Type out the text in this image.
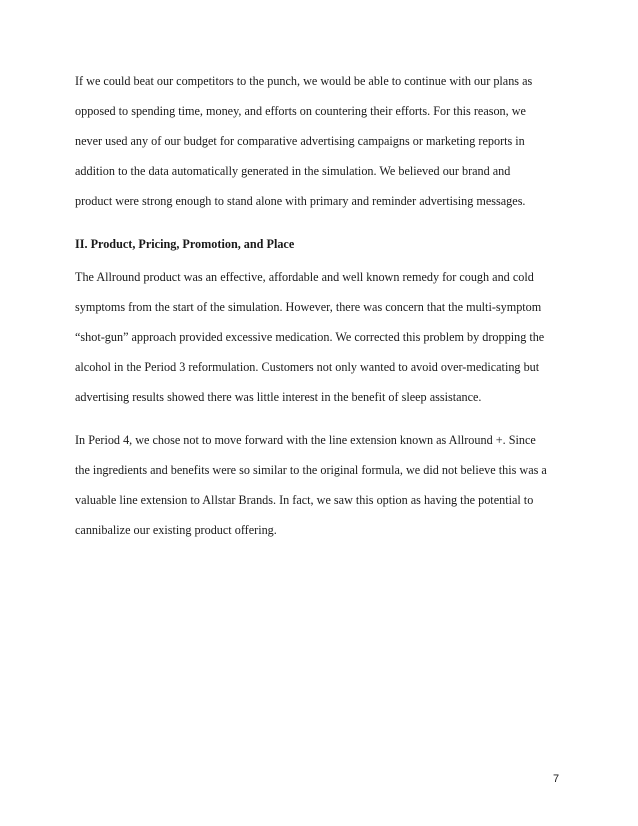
If we could beat our competitors to the punch, we would be able to continue with our plans as
opposed to spending time, money, and efforts on countering their efforts. For this reason, we
never used any of our budget for comparative advertising campaigns or marketing reports in
addition to the data automatically generated in the simulation. We believed our brand and
product were strong enough to stand alone with primary and reminder advertising messages.

II. Product, Pricing, Promotion, and Place

The Allround product was an effective, affordable and well known remedy for cough and cold
symptoms from the start of the simulation. However, there was concern that the multi-symptom
“shot-gun” approach provided excessive medication. We corrected this problem by dropping the
alcohol in the Period 3 reformulation. Customers not only wanted to avoid over-medicating but
advertising results showed there was little interest in the benefit of sleep assistance.

In Period 4, we chose not to move forward with the line extension known as Allround +. Since
the ingredients and benefits were so similar to the original formula, we did not believe this was a
valuable line extension to Allstar Brands. In fact, we saw this option as having the potential to
cannibalize our existing product offering.

7
